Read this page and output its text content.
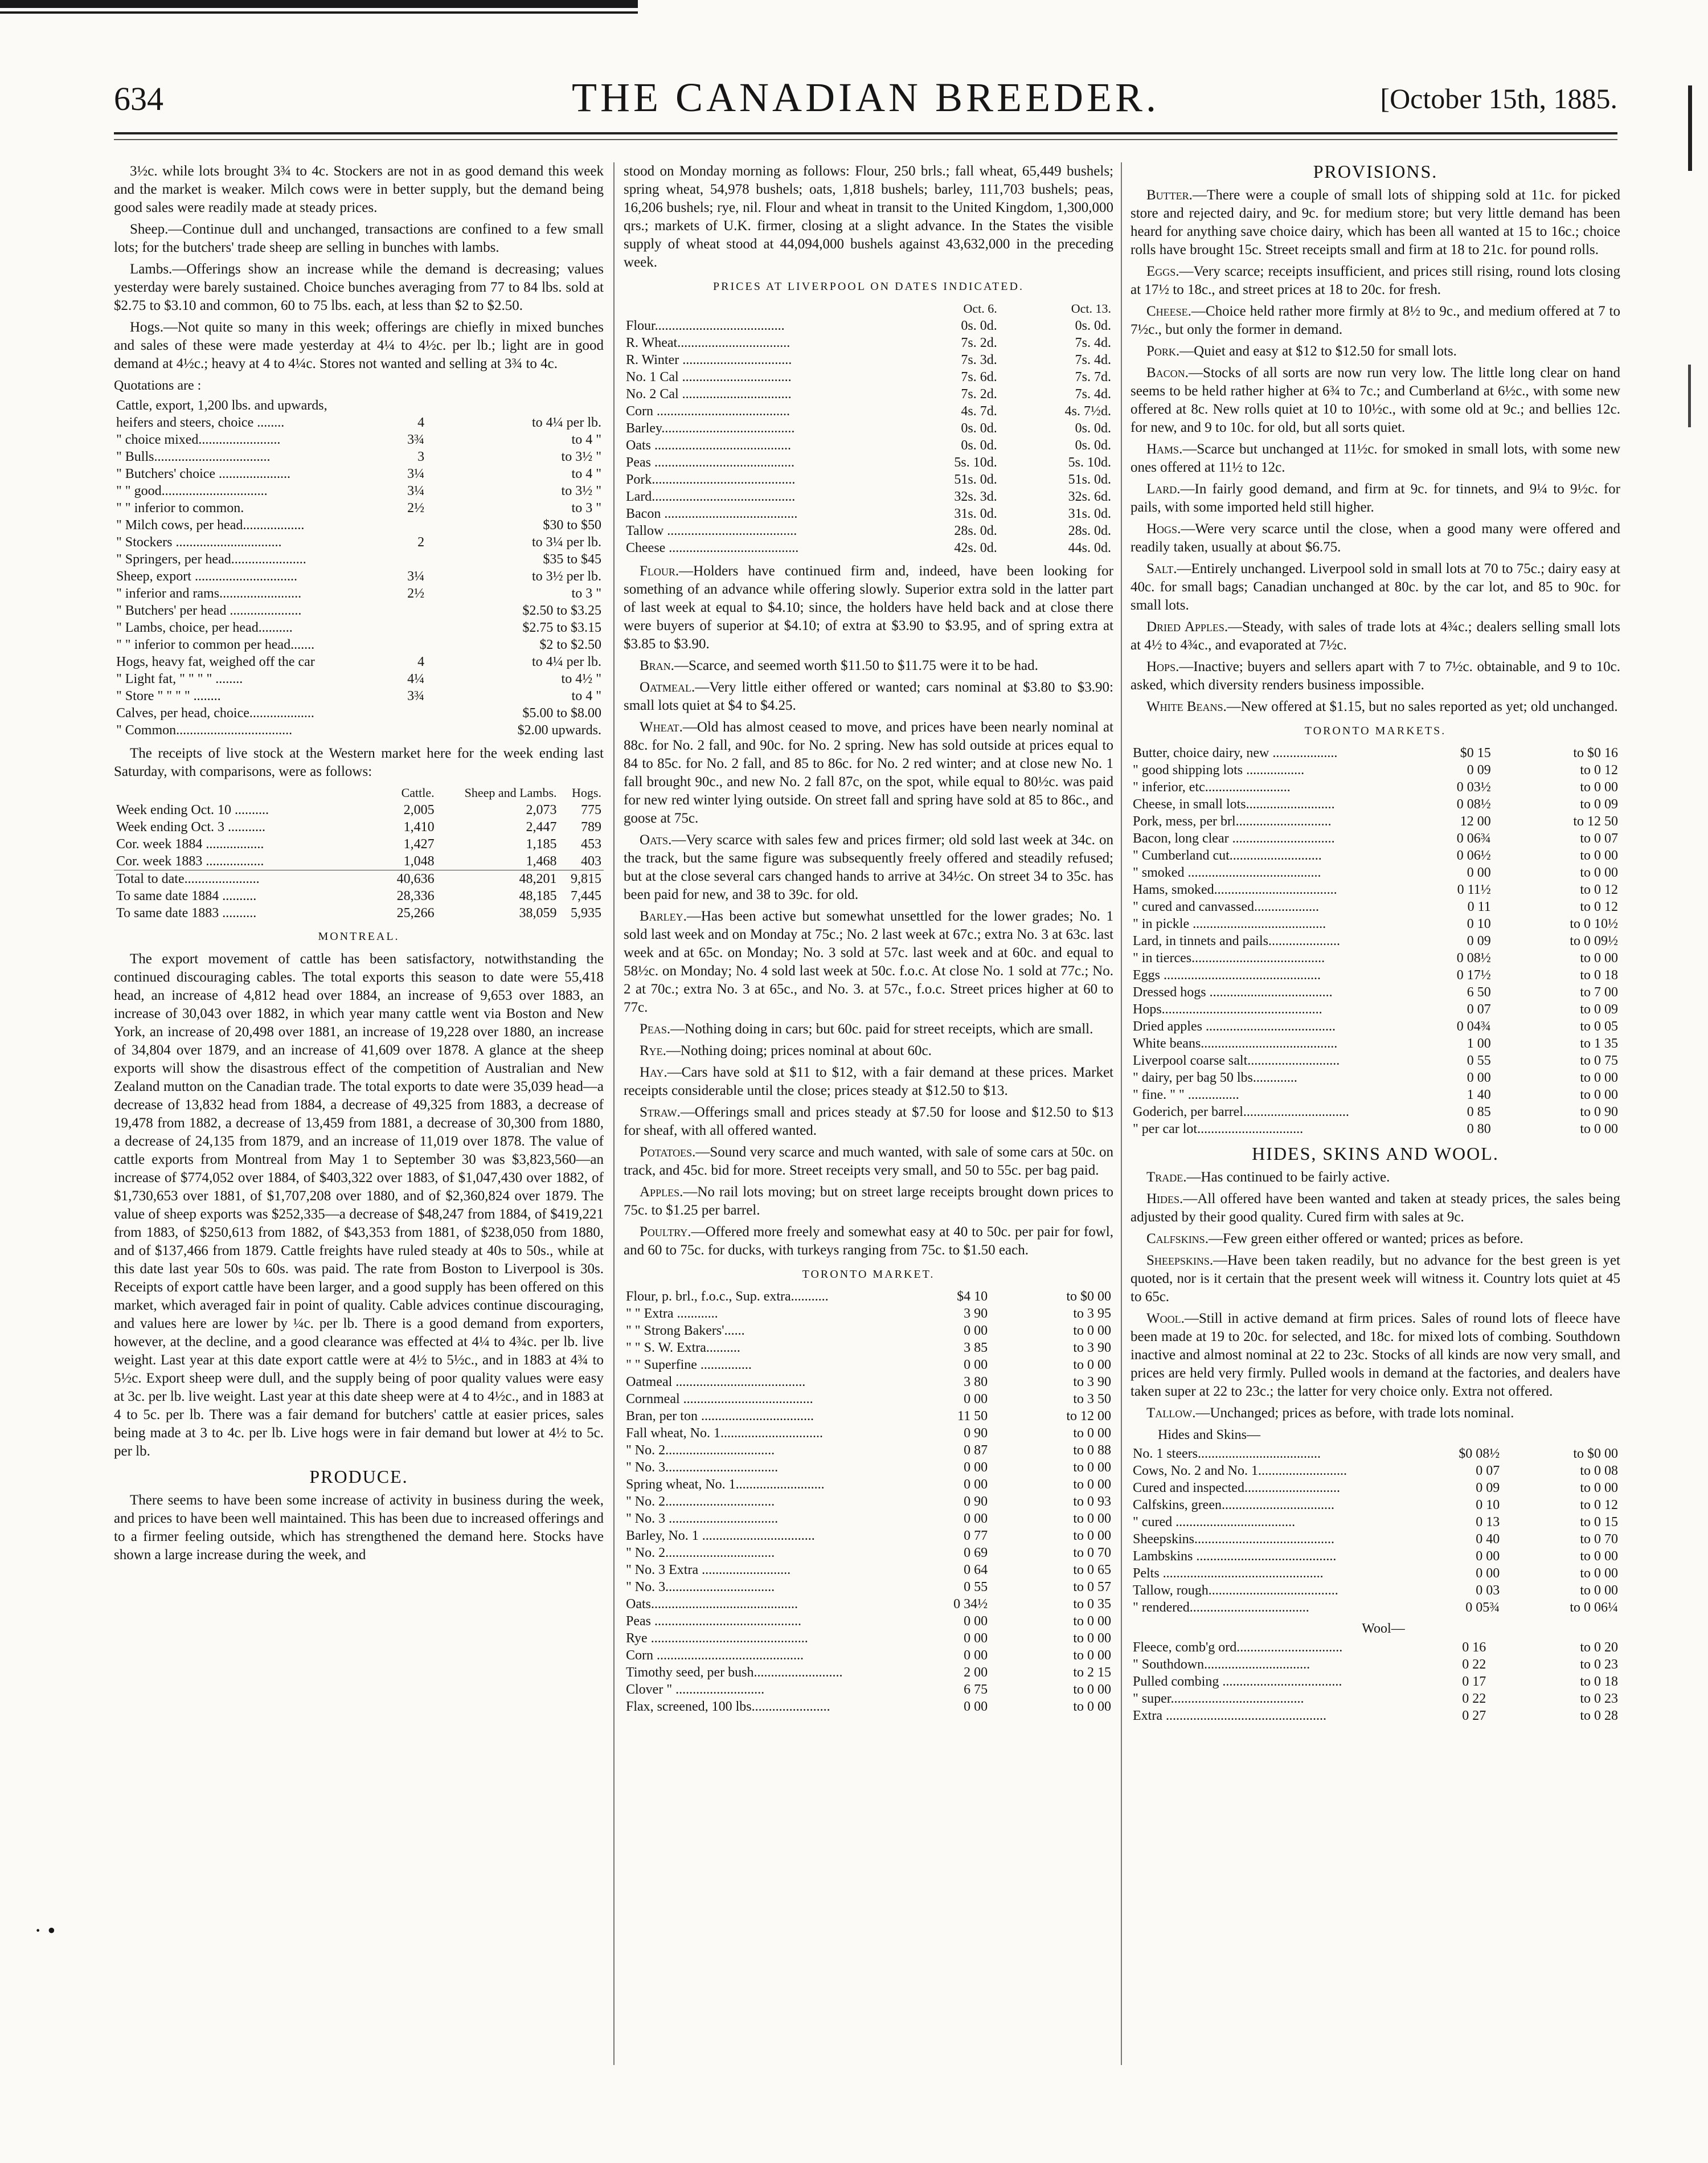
· •
634	THE CANADIAN BREEDER.	[October 15th, 1885.

3½c. while lots brought 3¾ to 4c. Stockers are not in as good demand this week and the market is weaker. Milch cows were in better supply, but the demand being good sales were readily made at steady prices.

Sheep.—Continue dull and unchanged, transactions are confined to a few small lots; for the butchers' trade sheep are selling in bunches with lambs.

Lambs.—Offerings show an increase while the demand is decreasing; values yesterday were barely sustained. Choice bunches averaging from 77 to 84 lbs. sold at $2.75 to $3.10 and common, 60 to 75 lbs. each, at less than $2 to $2.50.

Hogs.—Not quite so many in this week; offerings are chiefly in mixed bunches and sales of these were made yesterday at 4¼ to 4½c. per lb.; light are in good demand at 4½c.; heavy at 4 to 4¼c. Stores not wanted and selling at 3¾ to 4c.

Quotations are :

Cattle, export, 1,200 lbs. and upwards,		
heifers and steers, choice ........	4	to 4¼ per lb.
" choice mixed........................	3¾	to 4 "
" Bulls..................................	3	to 3½ "
" Butchers' choice .....................	3¼	to 4 "
" " good...............................	3¼	to 3½ "
" " inferior to common.	2½	to 3 "
" Milch cows, per head..................		$30 to $50
" Stockers ...............................	2	to 3¼ per lb.
" Springers, per head......................		$35 to $45
Sheep, export ..............................	3¼	to 3½ per lb.
" inferior and rams........................	2½	to 3 "
" Butchers' per head .....................		$2.50 to $3.25
" Lambs, choice, per head..........		$2.75 to $3.15
" " inferior to common per head.......		$2 to $2.50
Hogs, heavy fat, weighed off the car	4	to 4¼ per lb.
" Light fat, " " " " ........	4¼	to 4½ "
" Store " " " " ........	3¾	to 4 "
Calves, per head, choice...................		$5.00 to $8.00
" Common..................................		$2.00 upwards.

The receipts of live stock at the Western market here for the week ending last Saturday, with comparisons, were as follows:

	Cattle.	Sheep and Lambs.	Hogs.
Week ending Oct. 10 ..........	2,005	2,073	775
Week ending Oct. 3 ...........	1,410	2,447	789
Cor. week 1884 .................	1,427	1,185	453
Cor. week 1883 .................	1,048	1,468	403
Total to date......................	40,636	48,201	9,815
To same date 1884 ..........	28,336	48,185	7,445
To same date 1883 ..........	25,266	38,059	5,935

MONTREAL.

The export movement of cattle has been satisfactory, notwithstanding the continued discouraging cables. The total exports this season to date were 55,418 head, an increase of 4,812 head over 1884, an increase of 9,653 over 1883, an increase of 30,043 over 1882, in which year many cattle went via Boston and New York, an increase of 20,498 over 1881, an increase of 19,228 over 1880, an increase of 34,804 over 1879, and an increase of 41,609 over 1878. A glance at the sheep exports will show the disastrous effect of the competition of Australian and New Zealand mutton on the Canadian trade. The total exports to date were 35,039 head—a decrease of 13,832 head from 1884, a decrease of 49,325 from 1883, a decrease of 19,478 from 1882, a decrease of 13,459 from 1881, a decrease of 30,300 from 1880, a decrease of 24,135 from 1879, and an increase of 11,019 over 1878. The value of cattle exports from Montreal from May 1 to September 30 was $3,823,560—an increase of $774,052 over 1884, of $403,322 over 1883, of $1,047,430 over 1882, of $1,730,653 over 1881, of $1,707,208 over 1880, and of $2,360,824 over 1879. The value of sheep exports was $252,335—a decrease of $48,247 from 1884, of $419,221 from 1883, of $250,613 from 1882, of $43,353 from 1881, of $238,050 from 1880, and of $137,466 from 1879. Cattle freights have ruled steady at 40s to 50s., while at this date last year 50s to 60s. was paid. The rate from Boston to Liverpool is 30s. Receipts of export cattle have been larger, and a good supply has been offered on this market, which averaged fair in point of quality. Cable advices continue discouraging, and values here are lower by ¼c. per lb. There is a good demand from exporters, however, at the decline, and a good clearance was effected at 4¼ to 4¾c. per lb. live weight. Last year at this date export cattle were at 4½ to 5½c., and in 1883 at 4¾ to 5½c. Export sheep were dull, and the supply being of poor quality values were easy at 3c. per lb. live weight. Last year at this date sheep were at 4 to 4½c., and in 1883 at 4 to 5c. per lb. There was a fair demand for butchers' cattle at easier prices, sales being made at 3 to 4c. per lb. Live hogs were in fair demand but lower at 4½ to 5c. per lb.

PRODUCE.

There seems to have been some increase of activity in business during the week, and prices to have been well maintained. This has been due to increased offerings and to a firmer feeling outside, which has strengthened the demand here. Stocks have shown a large increase during the week, and

stood on Monday morning as follows: Flour, 250 brls.; fall wheat, 65,449 bushels; spring wheat, 54,978 bushels; oats, 1,818 bushels; barley, 111,703 bushels; peas, 16,206 bushels; rye, nil. Flour and wheat in transit to the United Kingdom, 1,300,000 qrs.; markets of U.K. firmer, closing at a slight advance. In the States the visible supply of wheat stood at 44,094,000 bushels against 43,632,000 in the preceding week.

PRICES AT LIVERPOOL ON DATES INDICATED.

	Oct. 6.	Oct. 13.
Flour......................................	0s. 0d.	0s. 0d.
R. Wheat.................................	7s. 2d.	7s. 4d.
R. Winter ................................	7s. 3d.	7s. 4d.
No. 1 Cal ................................	7s. 6d.	7s. 7d.
No. 2 Cal ................................	7s. 2d.	7s. 4d.
Corn .......................................	4s. 7d.	4s. 7½d.
Barley.......................................	0s. 0d.	0s. 0d.
Oats ........................................	0s. 0d.	0s. 0d.
Peas .........................................	5s. 10d.	5s. 10d.
Pork..........................................	51s. 0d.	51s. 0d.
Lard..........................................	32s. 3d.	32s. 6d.
Bacon .......................................	31s. 0d.	31s. 0d.
Tallow ......................................	28s. 0d.	28s. 0d.
Cheese ......................................	42s. 0d.	44s. 0d.

Flour.—Holders have continued firm and, indeed, have been looking for something of an advance while offering slowly. Superior extra sold in the latter part of last week at equal to $4.10; since, the holders have held back and at close there were buyers of superior at $4.10; of extra at $3.90 to $3.95, and of spring extra at $3.85 to $3.90.

Bran.—Scarce, and seemed worth $11.50 to $11.75 were it to be had.

Oatmeal.—Very little either offered or wanted; cars nominal at $3.80 to $3.90: small lots quiet at $4 to $4.25.

Wheat.—Old has almost ceased to move, and prices have been nearly nominal at 88c. for No. 2 fall, and 90c. for No. 2 spring. New has sold outside at prices equal to 84 to 85c. for No. 2 fall, and 85 to 86c. for No. 2 red winter; and at close new No. 1 fall brought 90c., and new No. 2 fall 87c, on the spot, while equal to 80½c. was paid for new red winter lying outside. On street fall and spring have sold at 85 to 86c., and goose at 75c.

Oats.—Very scarce with sales few and prices firmer; old sold last week at 34c. on the track, but the same figure was subsequently freely offered and steadily refused; but at the close several cars changed hands to arrive at 34½c. On street 34 to 35c. has been paid for new, and 38 to 39c. for old.

Barley.—Has been active but somewhat unsettled for the lower grades; No. 1 sold last week and on Monday at 75c.; No. 2 last week at 67c.; extra No. 3 at 63c. last week and at 65c. on Monday; No. 3 sold at 57c. last week and at 60c. and equal to 58½c. on Monday; No. 4 sold last week at 50c. f.o.c. At close No. 1 sold at 77c.; No. 2 at 70c.; extra No. 3 at 65c., and No. 3. at 57c., f.o.c. Street prices higher at 60 to 77c.

Peas.—Nothing doing in cars; but 60c. paid for street receipts, which are small.

Rye.—Nothing doing; prices nominal at about 60c.

Hay.—Cars have sold at $11 to $12, with a fair demand at these prices. Market receipts considerable until the close; prices steady at $12.50 to $13.

Straw.—Offerings small and prices steady at $7.50 for loose and $12.50 to $13 for sheaf, with all offered wanted.

Potatoes.—Sound very scarce and much wanted, with sale of some cars at 50c. on track, and 45c. bid for more. Street receipts very small, and 50 to 55c. per bag paid.

Apples.—No rail lots moving; but on street large receipts brought down prices to 75c. to $1.25 per barrel.

Poultry.—Offered more freely and somewhat easy at 40 to 50c. per pair for fowl, and 60 to 75c. for ducks, with turkeys ranging from 75c. to $1.50 each.

TORONTO MARKET.

Flour, p. brl., f.o.c., Sup. extra...........	$4 10	to $0 00
" " Extra ............	3 90	to 3 95
" " Strong Bakers'......	0 00	to 0 00
" " S. W. Extra..........	3 85	to 3 90
" " Superfine ...............	0 00	to 0 00
Oatmeal ......................................	3 80	to 3 90
Cornmeal ......................................	0 00	to 3 50
Bran, per ton .................................	11 50	to 12 00
Fall wheat, No. 1..............................	0 90	to 0 00
" No. 2................................	0 87	to 0 88
" No. 3.................................	0 00	to 0 00
Spring wheat, No. 1..........................	0 00	to 0 00
" No. 2................................	0 90	to 0 93
" No. 3 ................................	0 00	to 0 00
Barley, No. 1 .................................	0 77	to 0 00
" No. 2................................	0 69	to 0 70
" No. 3 Extra ..........................	0 64	to 0 65
" No. 3................................	0 55	to 0 57
Oats...........................................	0 34½	to 0 35
Peas ...........................................	0 00	to 0 00
Rye ..............................................	0 00	to 0 00
Corn ...........................................	0 00	to 0 00
Timothy seed, per bush..........................	2 00	to 2 15
Clover " ..........................	6 75	to 0 00
Flax, screened, 100 lbs.......................	0 00	to 0 00

PROVISIONS.

Butter.—There were a couple of small lots of shipping sold at 11c. for picked store and rejected dairy, and 9c. for medium store; but very little demand has been heard for anything save choice dairy, which has been all wanted at 15 to 16c.; choice rolls have brought 15c. Street receipts small and firm at 18 to 21c. for pound rolls.

Eggs.—Very scarce; receipts insufficient, and prices still rising, round lots closing at 17½ to 18c., and street prices at 18 to 20c. for fresh.

Cheese.—Choice held rather more firmly at 8½ to 9c., and medium offered at 7 to 7½c., but only the former in demand.

Pork.—Quiet and easy at $12 to $12.50 for small lots.

Bacon.—Stocks of all sorts are now run very low. The little long clear on hand seems to be held rather higher at 6¾ to 7c.; and Cumberland at 6½c., with some new offered at 8c. New rolls quiet at 10 to 10½c., with some old at 9c.; and bellies 12c. for new, and 9 to 10c. for old, but all sorts quiet.

Hams.—Scarce but unchanged at 11½c. for smoked in small lots, with some new ones offered at 11½ to 12c.

Lard.—In fairly good demand, and firm at 9c. for tinnets, and 9¼ to 9½c. for pails, with some imported held still higher.

Hogs.—Were very scarce until the close, when a good many were offered and readily taken, usually at about $6.75.

Salt.—Entirely unchanged. Liverpool sold in small lots at 70 to 75c.; dairy easy at 40c. for small bags; Canadian unchanged at 80c. by the car lot, and 85 to 90c. for small lots.

Dried Apples.—Steady, with sales of trade lots at 4¾c.; dealers selling small lots at 4½ to 4¾c., and evaporated at 7½c.

Hops.—Inactive; buyers and sellers apart with 7 to 7½c. obtainable, and 9 to 10c. asked, which diversity renders business impossible.

White Beans.—New offered at $1.15, but no sales reported as yet; old unchanged.

TORONTO MARKETS.

Butter, choice dairy, new ...................	$0 15	to $0 16
" good shipping lots .................	0 09	to 0 12
" inferior, etc.........................	0 03½	to 0 00
Cheese, in small lots..........................	0 08½	to 0 09
Pork, mess, per brl............................	12 00	to 12 50
Bacon, long clear ..............................	0 06¾	to 0 07
" Cumberland cut...........................	0 06½	to 0 00
" smoked .......................................	0 00	to 0 00
Hams, smoked....................................	0 11½	to 0 12
" cured and canvassed...................	0 11	to 0 12
" in pickle .......................................	0 10	to 0 10½
Lard, in tinnets and pails.....................	0 09	to 0 09½
" in tierces.......................................	0 08½	to 0 00
Eggs ..............................................	0 17½	to 0 18
Dressed hogs ....................................	6 50	to 7 00
Hops...............................................	0 07	to 0 09
Dried apples ......................................	0 04¾	to 0 05
White beans........................................	1 00	to 1 35
Liverpool coarse salt...........................	0 55	to 0 75
" dairy, per bag 50 lbs.............	0 00	to 0 00
" fine. " " ...............	1 40	to 0 00
Goderich, per barrel...............................	0 85	to 0 90
" per car lot...............................	0 80	to 0 00

HIDES, SKINS AND WOOL.

Trade.—Has continued to be fairly active.

Hides.—All offered have been wanted and taken at steady prices, the sales being adjusted by their good quality. Cured firm with sales at 9c.

Calfskins.—Few green either offered or wanted; prices as before.

Sheepskins.—Have been taken readily, but no advance for the best green is yet quoted, nor is it certain that the present week will witness it. Country lots quiet at 45 to 65c.

Wool.—Still in active demand at firm prices. Sales of round lots of fleece have been made at 19 to 20c. for selected, and 18c. for mixed lots of combing. Southdown inactive and almost nominal at 22 to 23c. Stocks of all kinds are now very small, and prices are held very firmly. Pulled wools in demand at the factories, and dealers have taken super at 22 to 23c.; the latter for very choice only. Extra not offered.

Tallow.—Unchanged; prices as before, with trade lots nominal.

Hides and Skins—

No. 1 steers....................................	$0 08½	to $0 00
Cows, No. 2 and No. 1..........................	0 07	to 0 08
Cured and inspected............................	0 09	to 0 00
Calfskins, green.................................	0 10	to 0 12
" cured ...................................	0 13	to 0 15
Sheepskins.........................................	0 40	to 0 70
Lambskins .........................................	0 00	to 0 00
Pelts ...............................................	0 00	to 0 00
Tallow, rough......................................	0 03	to 0 00
" rendered...................................	0 05¾	to 0 06¼

Wool—

Fleece, comb'g ord...............................	0 16	to 0 20
" Southdown...............................	0 22	to 0 23
Pulled combing ...................................	0 17	to 0 18
" super.......................................	0 22	to 0 23
Extra ...............................................	0 27	to 0 28
